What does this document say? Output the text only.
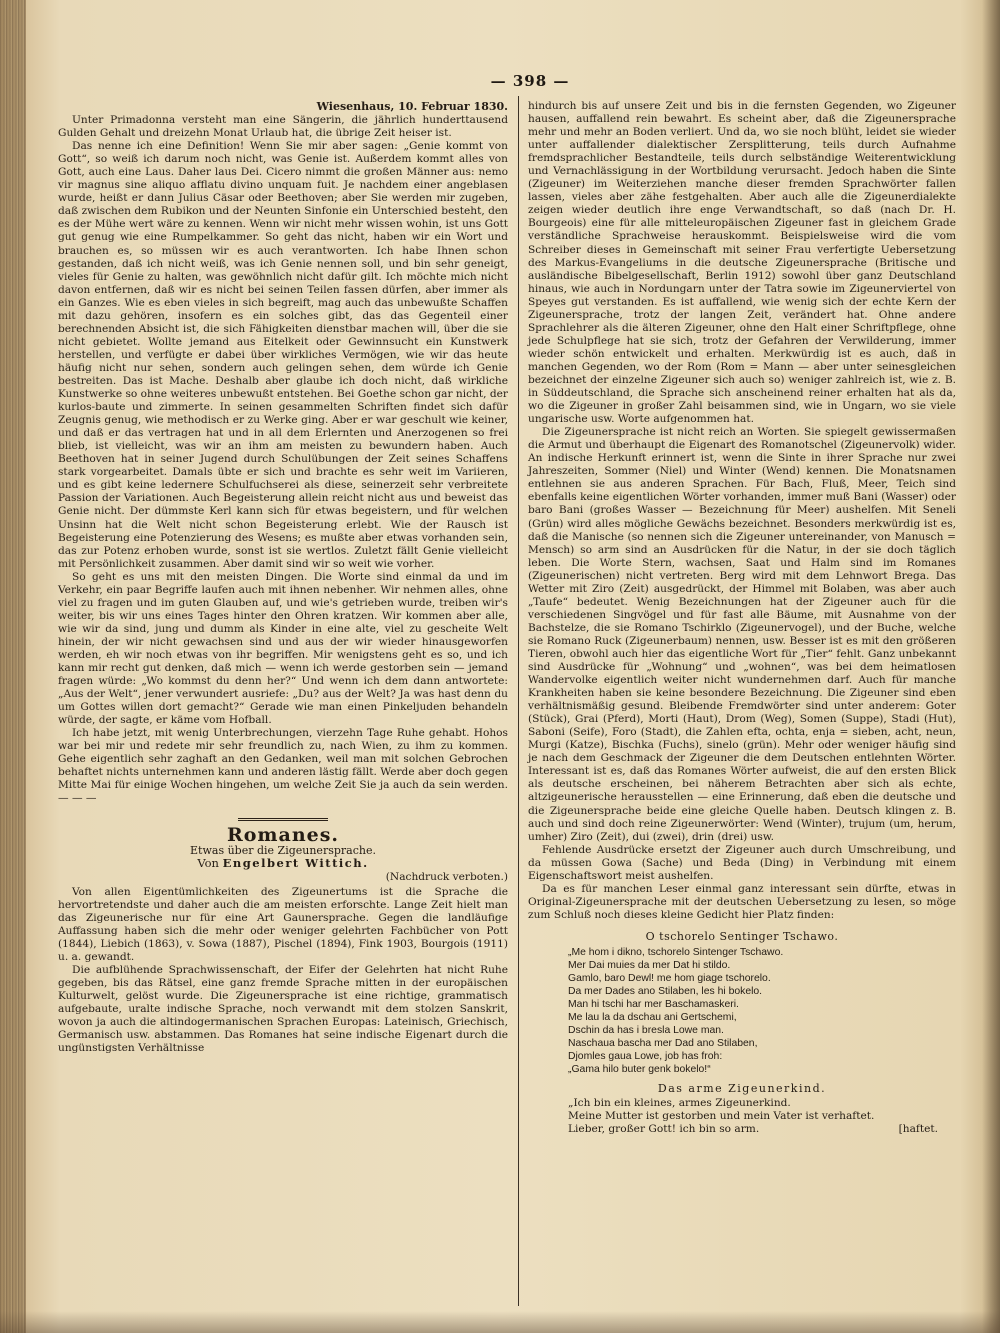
— 398 —
Wiesenhaus, 10. Februar 1830.

Unter Primadonna versteht man eine Sängerin, die jährlich hunderttausend Gulden Gehalt und dreizehn Monat Urlaub hat, die übrige Zeit heiser ist.

Das nenne ich eine Definition! Wenn Sie mir aber sagen: „Genie kommt von Gott“, so weiß ich darum noch nicht, was Genie ist. Außerdem kommt alles von Gott, auch eine Laus. Daher laus Dei. Cicero nimmt die großen Männer aus: nemo vir magnus sine aliquo afflatu divino unquam fuit. Je nachdem einer angeblasen wurde, heißt er dann Julius Cäsar oder Beethoven; aber Sie werden mir zugeben, daß zwischen dem Rubikon und der Neunten Sinfonie ein Unterschied besteht, den es der Mühe wert wäre zu kennen. Wenn wir nicht mehr wissen wohin, ist uns Gott gut genug wie eine Rumpelkammer. So geht das nicht, haben wir ein Wort und brauchen es, so müssen wir es auch verantworten. Ich habe Ihnen schon gestanden, daß ich nicht weiß, was ich Genie nennen soll, und bin sehr geneigt, vieles für Genie zu halten, was gewöhnlich nicht dafür gilt. Ich möchte mich nicht davon entfernen, daß wir es nicht bei seinen Teilen fassen dürfen, aber immer als ein Ganzes. Wie es eben vieles in sich begreift, mag auch das unbewußte Schaffen mit dazu gehören, insofern es ein solches gibt, das das Gegenteil einer berechnenden Absicht ist, die sich Fähigkeiten dienstbar machen will, über die sie nicht gebietet. Wollte jemand aus Eitelkeit oder Gewinnsucht ein Kunstwerk herstellen, und verfügte er dabei über wirkliches Vermögen, wie wir das heute häufig nicht nur sehen, sondern auch gelingen sehen, dem würde ich Genie bestreiten. Das ist Mache. Deshalb aber glaube ich doch nicht, daß wirkliche Kunstwerke so ohne weiteres unbewußt entstehen. Bei Goethe schon gar nicht, der kurlos-baute und zimmerte. In seinen gesammelten Schriften findet sich dafür Zeugnis genug, wie methodisch er zu Werke ging. Aber er war geschult wie keiner, und daß er das vertragen hat und in all dem Erlernten und Anerzogenen so frei blieb, ist vielleicht, was wir an ihm am meisten zu bewundern haben. Auch Beethoven hat in seiner Jugend durch Schulübungen der Zeit seines Schaffens stark vorgearbeitet. Damals übte er sich und brachte es sehr weit im Variieren, und es gibt keine ledernere Schulfuchserei als diese, seinerzeit sehr verbreitete Passion der Variationen. Auch Begeisterung allein reicht nicht aus und beweist das Genie nicht. Der dümmste Kerl kann sich für etwas begeistern, und für welchen Unsinn hat die Welt nicht schon Begeisterung erlebt. Wie der Rausch ist Begeisterung eine Potenzierung des Wesens; es mußte aber etwas vorhanden sein, das zur Potenz erhoben wurde, sonst ist sie wertlos. Zuletzt fällt Genie vielleicht mit Persönlichkeit zusammen. Aber damit sind wir so weit wie vorher.

So geht es uns mit den meisten Dingen. Die Worte sind einmal da und im Verkehr, ein paar Begriffe laufen auch mit ihnen nebenher. Wir nehmen alles, ohne viel zu fragen und im guten Glauben auf, und wie's getrieben wurde, treiben wir's weiter, bis wir uns eines Tages hinter den Ohren kratzen. Wir kommen aber alle, wie wir da sind, jung und dumm als Kinder in eine alte, viel zu gescheite Welt hinein, der wir nicht gewachsen sind und aus der wir wieder hinausgeworfen werden, eh wir noch etwas von ihr begriffen. Mir wenigstens geht es so, und ich kann mir recht gut denken, daß mich — wenn ich werde gestorben sein — jemand fragen würde: „Wo kommst du denn her?“ Und wenn ich dem dann antwortete: „Aus der Welt“, jener verwundert ausriefe: „Du? aus der Welt? Ja was hast denn du um Gottes willen dort gemacht?“ Gerade wie man einen Pinkeljuden behandeln würde, der sagte, er käme vom Hofball.

Ich habe jetzt, mit wenig Unterbrechungen, vierzehn Tage Ruhe gehabt. Hohos war bei mir und redete mir sehr freundlich zu, nach Wien, zu ihm zu kommen. Gehe eigentlich sehr zaghaft an den Gedanken, weil man mit solchen Gebrochen behaftet nichts unternehmen kann und anderen lästig fällt. Werde aber doch gegen Mitte Mai für einige Wochen hingehen, um welche Zeit Sie ja auch da sein werden. — — —

Romanes.
Etwas über die Zigeunersprache.
Von Engelbert Wittich.
(Nachdruck verboten.)

Von allen Eigentümlichkeiten des Zigeunertums ist die Sprache die hervortretendste und daher auch die am meisten erforschte. Lange Zeit hielt man das Zigeunerische nur für eine Art Gaunersprache. Gegen die landläufige Auffassung haben sich die mehr oder weniger gelehrten Fachbücher von Pott (1844), Liebich (1863), v. Sowa (1887), Pischel (1894), Fink 1903, Bourgois (1911) u. a. gewandt.

Die aufblühende Sprachwissenschaft, der Eifer der Gelehrten hat nicht Ruhe gegeben, bis das Rätsel, eine ganz fremde Sprache mitten in der europäischen Kulturwelt, gelöst wurde. Die Zigeunersprache ist eine richtige, grammatisch aufgebaute, uralte indische Sprache, noch verwandt mit dem stolzen Sanskrit, wovon ja auch die altindogermanischen Sprachen Europas: Lateinisch, Griechisch, Germanisch usw. abstammen. Das Romanes hat seine indische Eigenart durch die ungünstigsten Verhältnisse

hindurch bis auf unsere Zeit und bis in die fernsten Gegenden, wo Zigeuner hausen, auffallend rein bewahrt. Es scheint aber, daß die Zigeunersprache mehr und mehr an Boden verliert. Und da, wo sie noch blüht, leidet sie wieder unter auffallender dialektischer Zersplitterung, teils durch Aufnahme fremdsprachlicher Bestandteile, teils durch selbständige Weiterentwicklung und Vernachlässigung in der Wortbildung verursacht. Jedoch haben die Sinte (Zigeuner) im Weiterziehen manche dieser fremden Sprachwörter fallen lassen, vieles aber zähe festgehalten. Aber auch alle die Zigeunerdialekte zeigen wieder deutlich ihre enge Verwandtschaft, so daß (nach Dr. H. Bourgeois) eine für alle mitteleuropäischen Zigeuner fast in gleichem Grade verständliche Sprachweise herauskommt. Beispielsweise wird die vom Schreiber dieses in Gemeinschaft mit seiner Frau verfertigte Uebersetzung des Markus-Evangeliums in die deutsche Zigeunersprache (Britische und ausländische Bibelgesellschaft, Berlin 1912) sowohl über ganz Deutschland hinaus, wie auch in Nordungarn unter der Tatra sowie im Zigeunerviertel von Speyes gut verstanden. Es ist auffallend, wie wenig sich der echte Kern der Zigeunersprache, trotz der langen Zeit, verändert hat. Ohne andere Sprachlehrer als die älteren Zigeuner, ohne den Halt einer Schriftpflege, ohne jede Schulpflege hat sie sich, trotz der Gefahren der Verwilderung, immer wieder schön entwickelt und erhalten. Merkwürdig ist es auch, daß in manchen Gegenden, wo der Rom (Rom = Mann — aber unter seinesgleichen bezeichnet der einzelne Zigeuner sich auch so) weniger zahlreich ist, wie z. B. in Süddeutschland, die Sprache sich anscheinend reiner erhalten hat als da, wo die Zigeuner in großer Zahl beisammen sind, wie in Ungarn, wo sie viele ungarische usw. Worte aufgenommen hat.

Die Zigeunersprache ist nicht reich an Worten. Sie spiegelt gewissermaßen die Armut und überhaupt die Eigenart des Romanotschel (Zigeunervolk) wider. An indische Herkunft erinnert ist, wenn die Sinte in ihrer Sprache nur zwei Jahreszeiten, Sommer (Niel) und Winter (Wend) kennen. Die Monatsnamen entlehnen sie aus anderen Sprachen. Für Bach, Fluß, Meer, Teich sind ebenfalls keine eigentlichen Wörter vorhanden, immer muß Bani (Wasser) oder baro Bani (großes Wasser — Bezeichnung für Meer) aushelfen. Mit Seneli (Grün) wird alles mögliche Gewächs bezeichnet. Besonders merkwürdig ist es, daß die Manische (so nennen sich die Zigeuner untereinander, von Manusch = Mensch) so arm sind an Ausdrücken für die Natur, in der sie doch täglich leben. Die Worte Stern, wachsen, Saat und Halm sind im Romanes (Zigeunerischen) nicht vertreten. Berg wird mit dem Lehnwort Brega. Das Wetter mit Ziro (Zeit) ausgedrückt, der Himmel mit Bolaben, was aber auch „Taufe“ bedeutet. Wenig Bezeichnungen hat der Zigeuner auch für die verschiedenen Singvögel und für fast alle Bäume, mit Ausnahme von der Bachstelze, die sie Romano Tschirklo (Zigeunervogel), und der Buche, welche sie Romano Ruck (Zigeunerbaum) nennen, usw. Besser ist es mit den größeren Tieren, obwohl auch hier das eigentliche Wort für „Tier“ fehlt. Ganz unbekannt sind Ausdrücke für „Wohnung“ und „wohnen“, was bei dem heimatlosen Wandervolke eigentlich weiter nicht wundernehmen darf. Auch für manche Krankheiten haben sie keine besondere Bezeichnung. Die Zigeuner sind eben verhältnismäßig gesund. Bleibende Fremdwörter sind unter anderem: Goter (Stück), Grai (Pferd), Morti (Haut), Drom (Weg), Somen (Suppe), Stadi (Hut), Saboni (Seife), Foro (Stadt), die Zahlen efta, ochta, enja = sieben, acht, neun, Murgi (Katze), Bischka (Fuchs), sinelo (grün). Mehr oder weniger häufig sind je nach dem Geschmack der Zigeuner die dem Deutschen entlehnten Wörter. Interessant ist es, daß das Romanes Wörter aufweist, die auf den ersten Blick als deutsche erscheinen, bei näherem Betrachten aber sich als echte, altzigeunerische herausstellen — eine Erinnerung, daß eben die deutsche und die Zigeunersprache beide eine gleiche Quelle haben. Deutsch klingen z. B. auch und sind doch reine Zigeunerwörter: Wend (Winter), trujum (um, herum, umher) Ziro (Zeit), dui (zwei), drin (drei) usw.

Fehlende Ausdrücke ersetzt der Zigeuner auch durch Umschreibung, und da müssen Gowa (Sache) und Beda (Ding) in Verbindung mit einem Eigenschaftswort meist aushelfen.

Da es für manchen Leser einmal ganz interessant sein dürfte, etwas in Original-Zigeunersprache mit der deutschen Uebersetzung zu lesen, so möge zum Schluß noch dieses kleine Gedicht hier Platz finden:

O tschorelo Sentinger Tschawo.
„Me hom i dikno, tschorelo Sintenger Tschawo.
Mer Dai muies da mer Dat hi stildo.
Gamlo, baro Dewl! me hom giage tschorelo.
Da mer Dades ano Stilaben, les hi bokelo.
Man hi tschi har mer Baschamaskeri.
Me lau la da dschau ani Gertschemi,
Dschin da has i bresla Lowe man.
Naschaua bascha mer Dad ano Stilaben,
Djomles gaua Lowe, job has froh:
„Gama hilo buter genk bokelo!“
Das arme Zigeunerkind.
„Ich bin ein kleines, armes Zigeunerkind.
Meine Mutter ist gestorben und mein Vater ist verhaftet.
Lieber, großer Gott! ich bin so arm.	[haftet.
